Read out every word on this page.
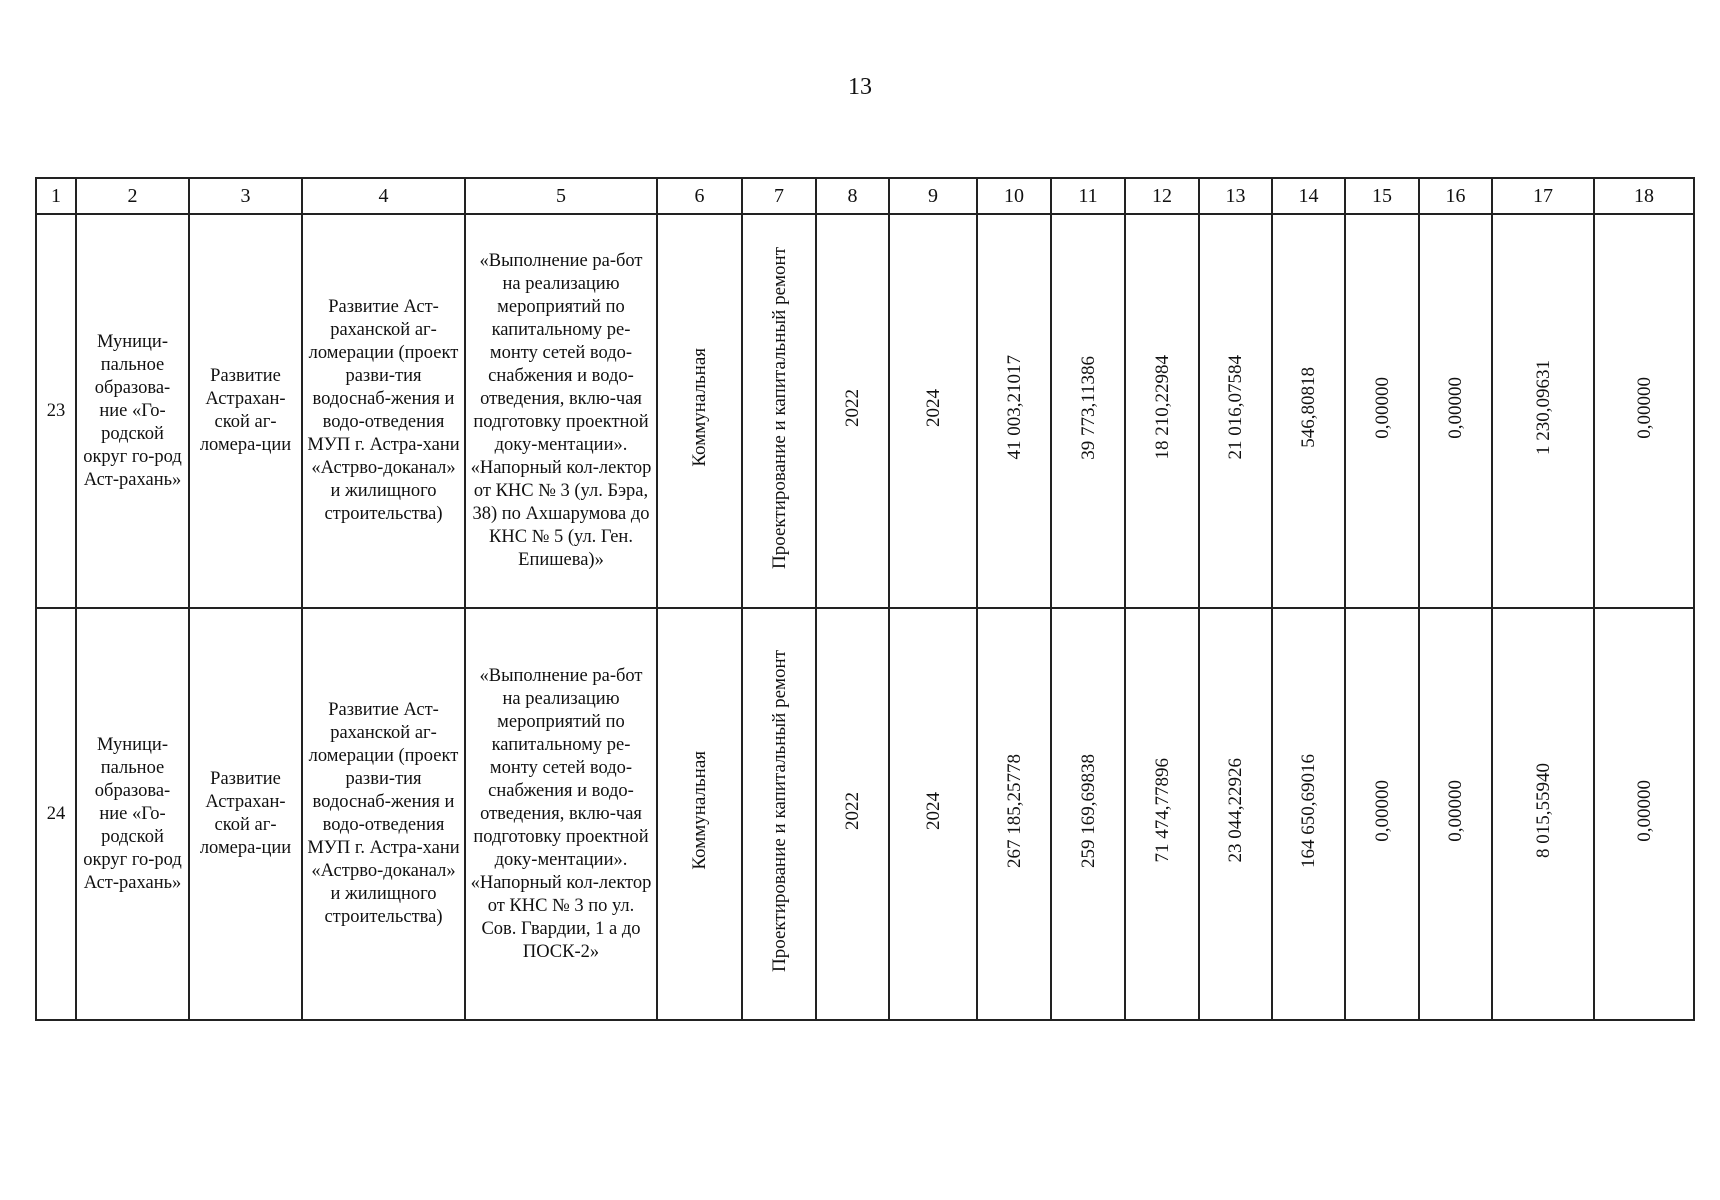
13
1	2	3	4	5	6	7	8	9	10	11	12	13	14	15	16	17	18
23	Муници-пальное образова-ние «Го-родской округ го-род Аст-рахань»	Развитие Астрахан-ской аг-ломера-ции	Развитие Аст-раханской аг-ломерации (проект разви-тия водоснаб-жения и водо-отведения МУП г. Астра-хани «Астрво-доканал» и жилищного строительства)	«Выполнение ра-бот на реализацию мероприятий по капитальному ре-монту сетей водо-снабжения и водо-отведения, вклю-чая подготовку проектной доку-ментации». «Напорный кол-лектор от КНС № 3 (ул. Бэра, 38) по Ахшарумова до КНС № 5 (ул. Ген. Епишева)»	Коммунальная	Проектирование и капитальный ремонт	2022	2024	41 003,21017	39 773,11386	18 210,22984	21 016,07584	546,80818	0,00000	0,00000	1 230,09631	0,00000
24	Муници-пальное образова-ние «Го-родской округ го-род Аст-рахань»	Развитие Астрахан-ской аг-ломера-ции	Развитие Аст-раханской аг-ломерации (проект разви-тия водоснаб-жения и водо-отведения МУП г. Астра-хани «Астрво-доканал» и жилищного строительства)	«Выполнение ра-бот на реализацию мероприятий по капитальному ре-монту сетей водо-снабжения и водо-отведения, вклю-чая подготовку проектной доку-ментации». «Напорный кол-лектор от КНС № 3 по ул. Сов. Гвардии, 1 а до ПОСК-2»	Коммунальная	Проектирование и капитальный ремонт	2022	2024	267 185,25778	259 169,69838	71 474,77896	23 044,22926	164 650,69016	0,00000	0,00000	8 015,55940	0,00000
